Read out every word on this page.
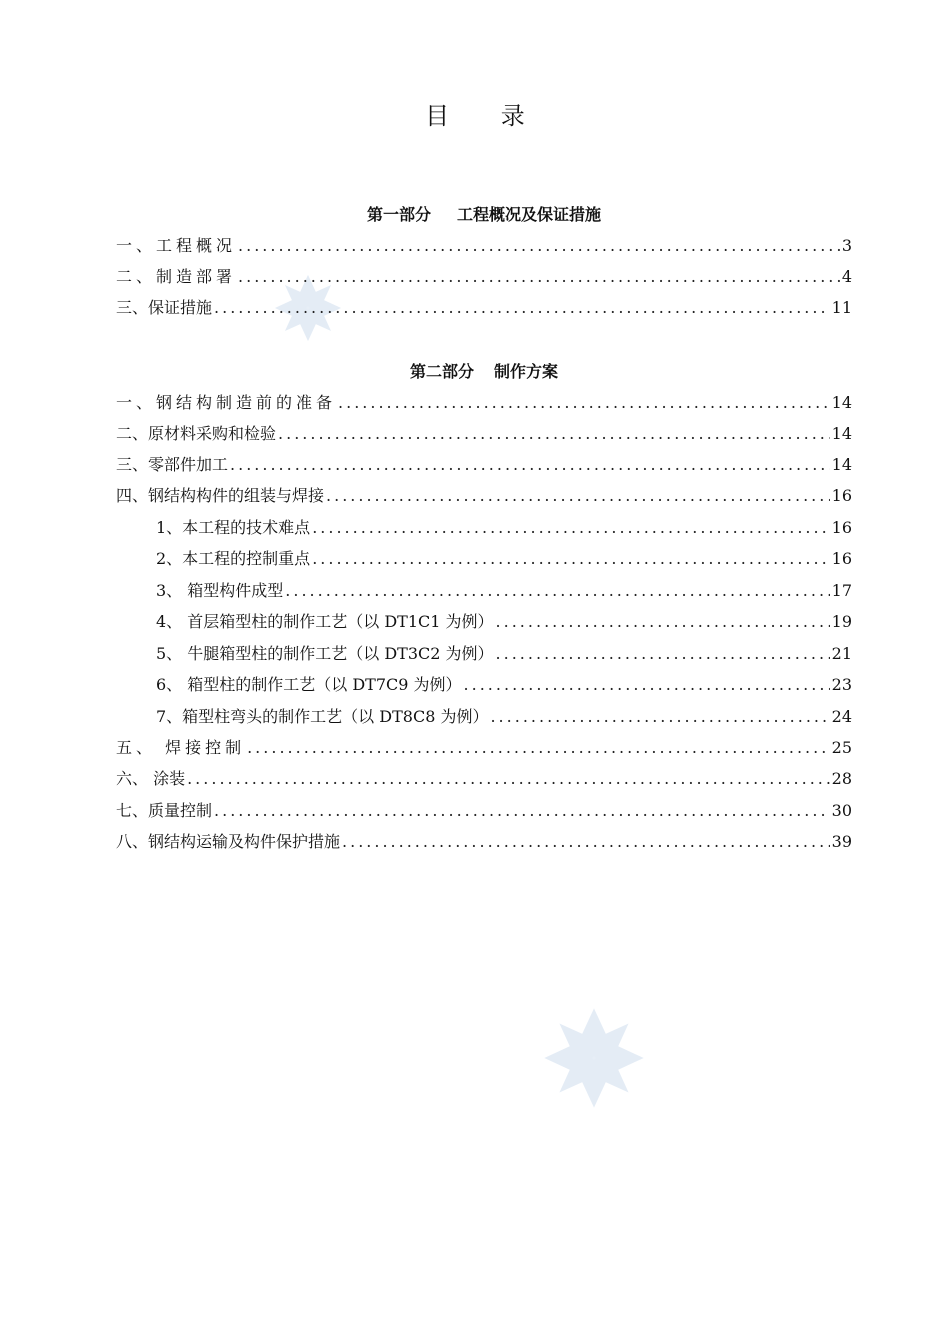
目 录
第一部分 工程概况及保证措施
一、工程概况 .....	3
二、制造部署 .....	4
三、保证措施 .....	11
第二部分 制作方案
一、钢结构制造前的准备 .....	14
二、原材料采购和检验 .....	14
三、零部件加工 .....	14
四、钢结构构件的组装与焊接 .....	16
1、本工程的技术难点 .....	16
2、本工程的控制重点 .....	16
3、 箱型构件成型 .....	17
4、 首层箱型柱的制作工艺（以 DT1C1 为例） .....	19
5、 牛腿箱型柱的制作工艺（以 DT3C2 为例） .....	21
6、 箱型柱的制作工艺（以 DT7C9 为例） .....	23
7、箱型柱弯头的制作工艺（以 DT8C8 为例） .....	24
五、 焊接控制 .....	25
六、 涂装 .....	28
七、质量控制 .....	30
八、钢结构运输及构件保护措施 .....	39
